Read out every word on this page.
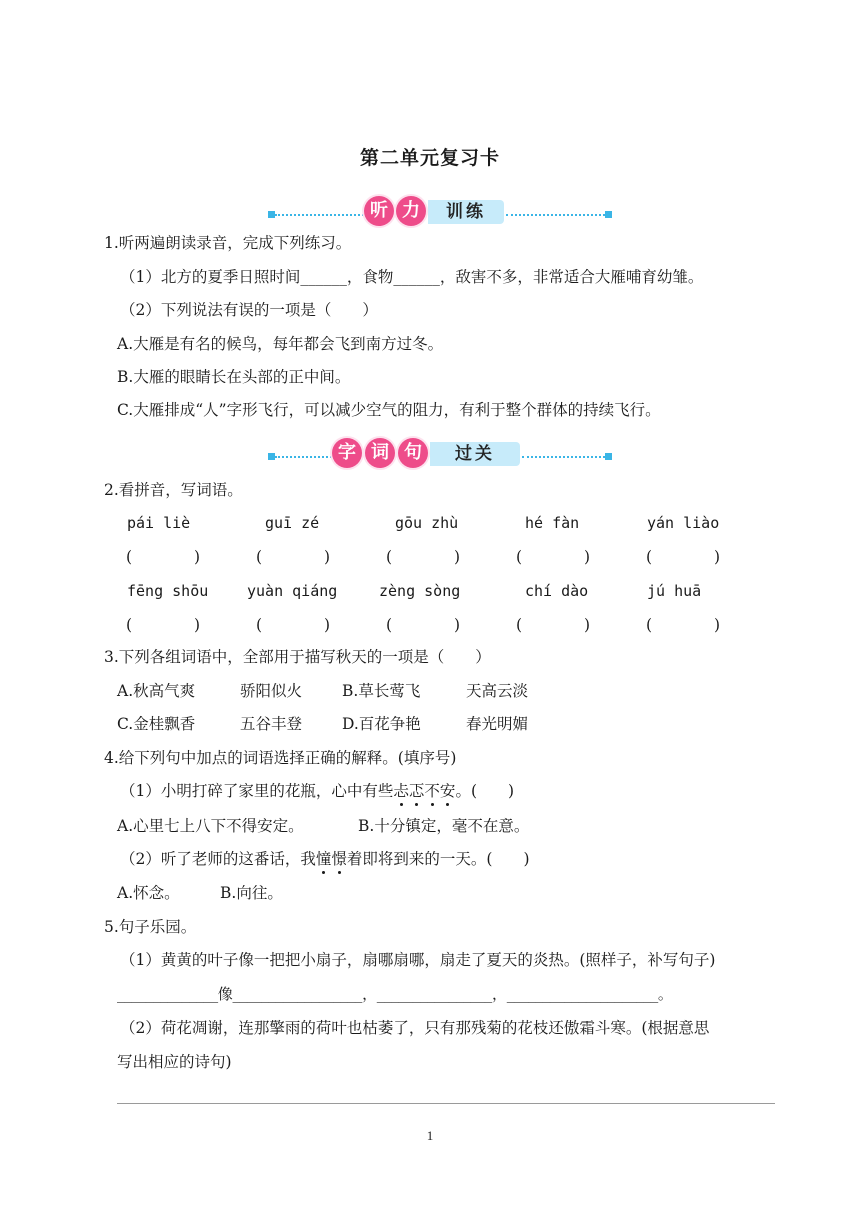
第二单元复习卡
听 力	训练
1.听两遍朗读录音，完成下列练习。
（1）北方的夏季日照时间______，食物______，敌害不多，非常适合大雁哺育幼雏。
（2）下列说法有误的一项是（　　）
A.大雁是有名的候鸟，每年都会飞到南方过冬。
B.大雁的眼睛长在头部的正中间。
C.大雁排成“人”字形飞行，可以减少空气的阻力，有利于整个群体的持续飞行。
字 词 句	过关
2.看拼音，写词语。
pái liè	guī zé	gōu zhù	hé fàn	yán liào
(　　　　)	(　　　　)	(　　　　)	(　　　　)	(　　　　)
fēng shōu	yuàn qiáng	zèng sòng	chí dào	jú huā
(　　　　)	(　　　　)	(　　　　)	(　　　　)	(　　　　)
3.下列各组词语中，全部用于描写秋天的一项是（　　）
A.秋高气爽	骄阳似火	B.草长莺飞	天高云淡
C.金桂飘香	五谷丰登	D.百花争艳	春光明媚
4.给下列句中加点的词语选择正确的解释。(填序号)
（1）小明打碎了家里的花瓶，心中有些忐忑不安。(　　)
A.心里七上八下不得安定。	B.十分镇定，毫不在意。
（2）听了老师的这番话，我憧憬着即将到来的一天。(　　)
A.怀念。	B.向往。
5.句子乐园。
（1）黄黄的叶子像一把把小扇子，扇哪扇哪，扇走了夏天的炎热。(照样子，补写句子)
______________像__________________，________________，_____________________。
（2）荷花凋谢，连那擎雨的荷叶也枯萎了，只有那残菊的花枝还傲霜斗寒。(根据意思
写出相应的诗句)
1
